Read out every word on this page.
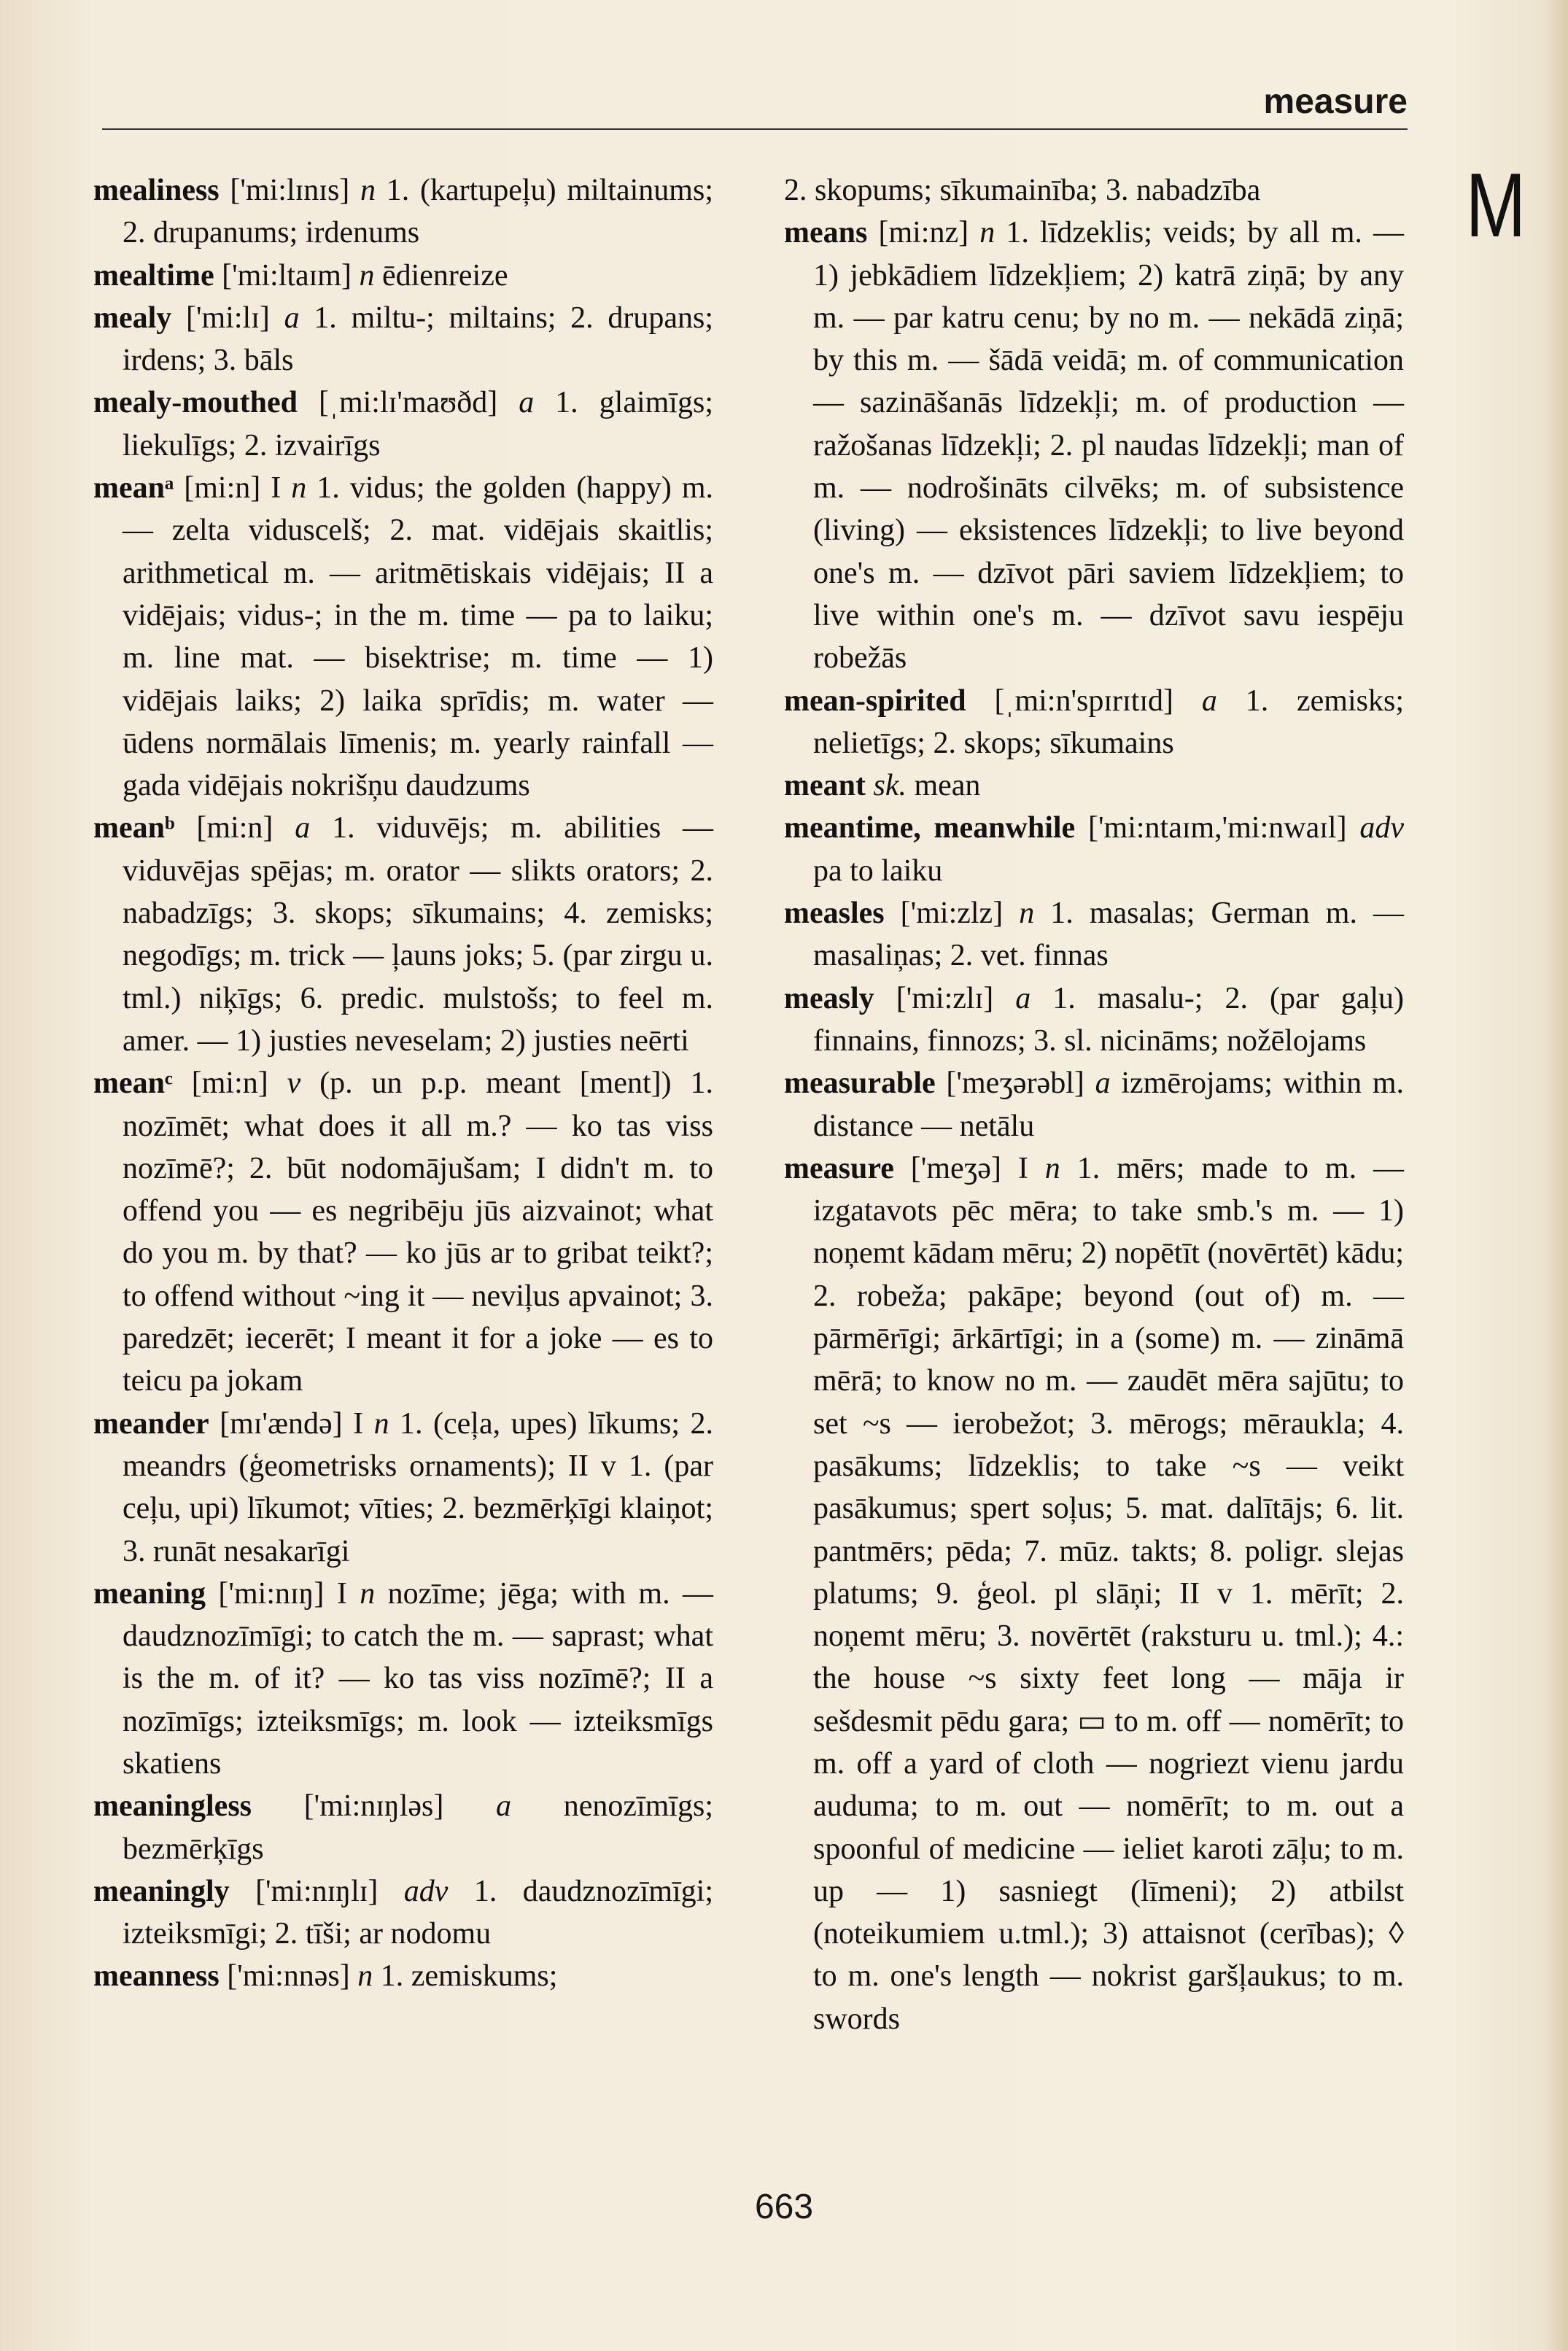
measure
M

mealiness ['mi:lɪnɪs] n 1. (kartupeļu) miltainums; 2. drupanums; irdenums

mealtime ['mi:ltaɪm] n ēdienreize

mealy ['mi:lɪ] a 1. miltu-; miltains; 2. drupans; irdens; 3. bāls

mealy-mouthed [ˌmi:lɪ'maʊðd] a 1. glaimīgs; liekulīgs; 2. izvairīgs

meanᵃ [mi:n] I n 1. vidus; the golden (happy) m. — zelta viduscelš; 2. mat. vidējais skaitlis; arithmetical m. — aritmētiskais vidējais; II a vidējais; vidus-; in the m. time — pa to laiku; m. line mat. — bisektrise; m. time — 1) vidējais laiks; 2) laika sprīdis; m. water — ūdens normālais līmenis; m. yearly rainfall — gada vidējais nokrišņu daudzums

meanᵇ [mi:n] a 1. viduvējs; m. abilities — viduvējas spējas; m. orator — slikts orators; 2. nabadzīgs; 3. skops; sīkumains; 4. zemisks; negodīgs; m. trick — ļauns joks; 5. (par zirgu u. tml.) niķīgs; 6. predic. mulstošs; to feel m. amer. — 1) justies neveselam; 2) justies neērti

meanᶜ [mi:n] v (p. un p.p. meant [ment]) 1. nozīmēt; what does it all m.? — ko tas viss nozīmē?; 2. būt nodomājušam; I didn't m. to offend you — es negribēju jūs aizvainot; what do you m. by that? — ko jūs ar to gribat teikt?; to offend without ~ing it — neviļus apvainot; 3. paredzēt; iecerēt; I meant it for a joke — es to teicu pa jokam

meander [mɪ'ændə] I n 1. (ceļa, upes) līkums; 2. meandrs (ģeometrisks ornaments); II v 1. (par ceļu, upi) līkumot; vīties; 2. bezmērķīgi klaiņot; 3. runāt nesakarīgi

meaning ['mi:nɪŋ] I n nozīme; jēga; with m. — daudznozīmīgi; to catch the m. — saprast; what is the m. of it? — ko tas viss nozīmē?; II a nozīmīgs; izteiksmīgs; m. look — izteiksmīgs skatiens

meaningless ['mi:nɪŋləs] a nenozīmīgs; bezmērķīgs

meaningly ['mi:nɪŋlɪ] adv 1. daudznozīmīgi; izteiksmīgi; 2. tīši; ar nodomu

meanness ['mi:nnəs] n 1. zemiskums;

2. skopums; sīkumainība; 3. nabadzība

means [mi:nz] n 1. līdzeklis; veids; by all m. — 1) jebkādiem līdzekļiem; 2) katrā ziņā; by any m. — par katru cenu; by no m. — nekādā ziņā; by this m. — šādā veidā; m. of communication — sazināšanās līdzekļi; m. of production — ražošanas līdzekļi; 2. pl naudas līdzekļi; man of m. — nodrošināts cilvēks; m. of subsistence (living) — eksistences līdzekļi; to live beyond one's m. — dzīvot pāri saviem līdzekļiem; to live within one's m. — dzīvot savu iespēju robežās

mean-spirited [ˌmi:n'spɪrɪtɪd] a 1. zemisks; nelietīgs; 2. skops; sīkumains

meant sk. mean

meantime, meanwhile ['mi:ntaɪm,'mi:nwaɪl] adv pa to laiku

measles ['mi:zlz] n 1. masalas; German m. — masaliņas; 2. vet. finnas

measly ['mi:zlɪ] a 1. masalu-; 2. (par gaļu) finnains, finnozs; 3. sl. nicināms; nožēlojams

measurable ['meʒərəbl] a izmērojams; within m. distance — netālu

measure ['meʒə] I n 1. mērs; made to m. — izgatavots pēc mēra; to take smb.'s m. — 1) noņemt kādam mēru; 2) nopētīt (novērtēt) kādu; 2. robeža; pakāpe; beyond (out of) m. — pārmērīgi; ārkārtīgi; in a (some) m. — zināmā mērā; to know no m. — zaudēt mēra sajūtu; to set ~s — ierobežot; 3. mērogs; mēraukla; 4. pasākums; līdzeklis; to take ~s — veikt pasākumus; spert soļus; 5. mat. dalītājs; 6. lit. pantmērs; pēda; 7. mūz. takts; 8. poligr. slejas platums; 9. ģeol. pl slāņi; II v 1. mērīt; 2. noņemt mēru; 3. novērtēt (raksturu u. tml.); 4.: the house ~s sixty feet long — māja ir sešdesmit pēdu gara; ▭ to m. off — nomērīt; to m. off a yard of cloth — nogriezt vienu jardu auduma; to m. out — nomērīt; to m. out a spoonful of medicine — ieliet karoti zāļu; to m. up — 1) sasniegt (līmeni); 2) atbilst (noteikumiem u.tml.); 3) attaisnot (cerības); ◊ to m. one's length — nokrist garšļaukus; to m. swords

663
